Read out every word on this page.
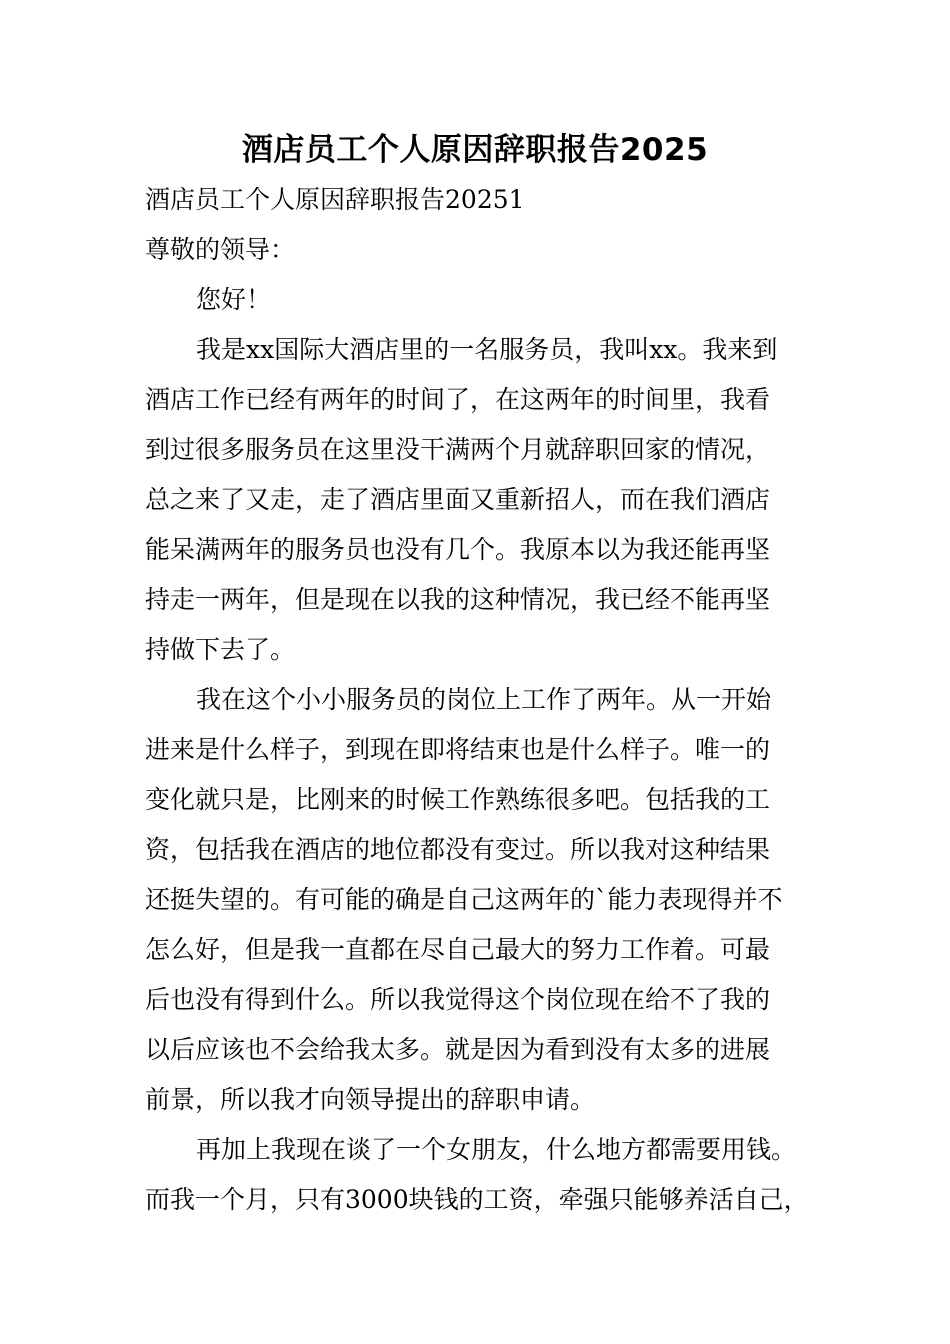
酒店员工个人原因辞职报告2025
酒店员工个人原因辞职报告20251
尊敬的领导：
您好！
我是xx国际大酒店里的一名服务员，我叫xx。我来到
酒店工作已经有两年的时间了，在这两年的时间里，我看
到过很多服务员在这里没干满两个月就辞职回家的情况，
总之来了又走，走了酒店里面又重新招人，而在我们酒店
能呆满两年的服务员也没有几个。我原本以为我还能再坚
持走一两年，但是现在以我的这种情况，我已经不能再坚
持做下去了。
我在这个小小服务员的岗位上工作了两年。从一开始
进来是什么样子，到现在即将结束也是什么样子。唯一的
变化就只是，比刚来的时候工作熟练很多吧。包括我的工
资，包括我在酒店的地位都没有变过。所以我对这种结果
还挺失望的。有可能的确是自己这两年的`能力表现得并不
怎么好，但是我一直都在尽自己最大的努力工作着。可最
后也没有得到什么。所以我觉得这个岗位现在给不了我的
以后应该也不会给我太多。就是因为看到没有太多的进展
前景，所以我才向领导提出的辞职申请。
再加上我现在谈了一个女朋友，什么地方都需要用钱。
而我一个月，只有3000块钱的工资，牵强只能够养活自己，
